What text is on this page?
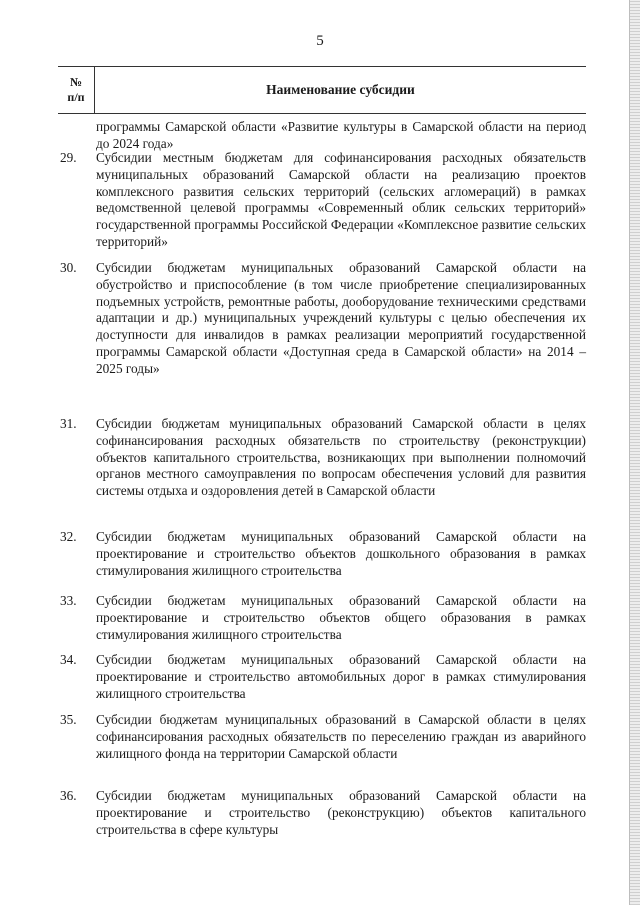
5
№
п/п	Наименование субсидии
программы Самарской области «Развитие культуры в Самарской области на период до 2024 года»
29. Субсидии местным бюджетам для софинансирования расходных обязательств муниципальных образований Самарской области на реализацию проектов комплексного развития сельских территорий (сельских агломераций) в рамках ведомственной целевой программы «Современный облик сельских территорий» государственной программы Российской Федерации «Комплексное развитие сельских территорий»
30. Субсидии бюджетам муниципальных образований Самарской области на обустройство и приспособление (в том числе приобретение специализированных подъемных устройств, ремонтные работы, дооборудование техническими средствами адаптации и др.) муниципальных учреждений культуры с целью обеспечения их доступности для инвалидов в рамках реализации мероприятий государственной программы Самарской области «Доступная среда в Самарской области» на 2014 – 2025 годы»
31. Субсидии бюджетам муниципальных образований Самарской области в целях софинансирования расходных обязательств по строительству (реконструкции) объектов капитального строительства, возникающих при выполнении полномочий органов местного самоуправления по вопросам обеспечения условий для развития системы отдыха и оздоровления детей в Самарской области
32. Субсидии бюджетам муниципальных образований Самарской области на проектирование и строительство объектов дошкольного образования в рамках стимулирования жилищного строительства
33. Субсидии бюджетам муниципальных образований Самарской области на проектирование и строительство объектов общего образования в рамках стимулирования жилищного строительства
34. Субсидии бюджетам муниципальных образований Самарской области на проектирование и строительство автомобильных дорог в рамках стимулирования жилищного строительства
35. Субсидии бюджетам муниципальных образований в Самарской области в целях софинансирования расходных обязательств по переселению граждан из аварийного жилищного фонда на территории Самарской области
36. Субсидии бюджетам муниципальных образований Самарской области на проектирование и строительство (реконструкцию) объектов капитального строительства в сфере культуры
